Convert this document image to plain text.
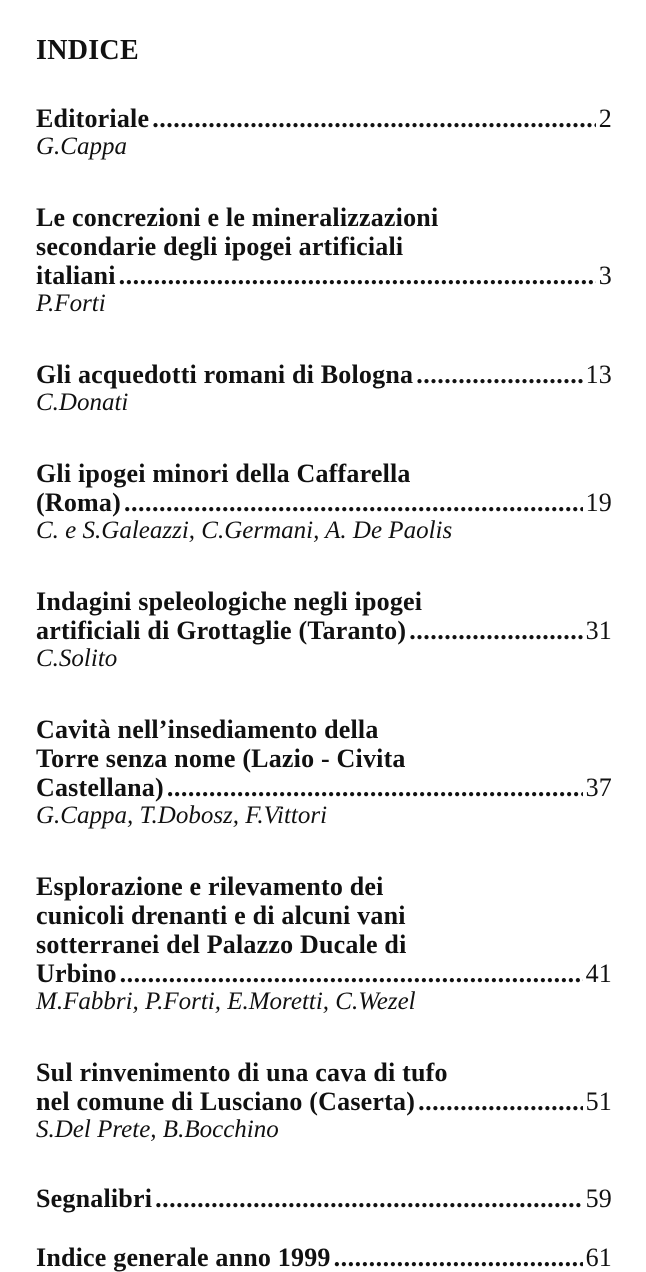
INDICE
Editoriale .....	2
G.Cappa
Le concrezioni e le mineralizzazioni
secondarie degli ipogei artificiali
italiani .....	3
P.Forti
Gli acquedotti romani di Bologna .....	13
C.Donati
Gli ipogei minori della Caffarella
(Roma) .....	19
C. e S.Galeazzi, C.Germani, A. De Paolis
Indagini speleologiche negli ipogei
artificiali di Grottaglie (Taranto) .....	31
C.Solito
Cavità nell’insediamento della
Torre senza nome (Lazio - Civita
Castellana) .....	37
G.Cappa, T.Dobosz, F.Vittori
Esplorazione e rilevamento dei
cunicoli drenanti e di alcuni vani
sotterranei del Palazzo Ducale di
Urbino .....	41
M.Fabbri, P.Forti, E.Moretti, C.Wezel
Sul rinvenimento di una cava di tufo
nel comune di Lusciano (Caserta) .....	51
S.Del Prete, B.Bocchino
Segnalibri .....	59
Indice generale anno 1999 .....	61
